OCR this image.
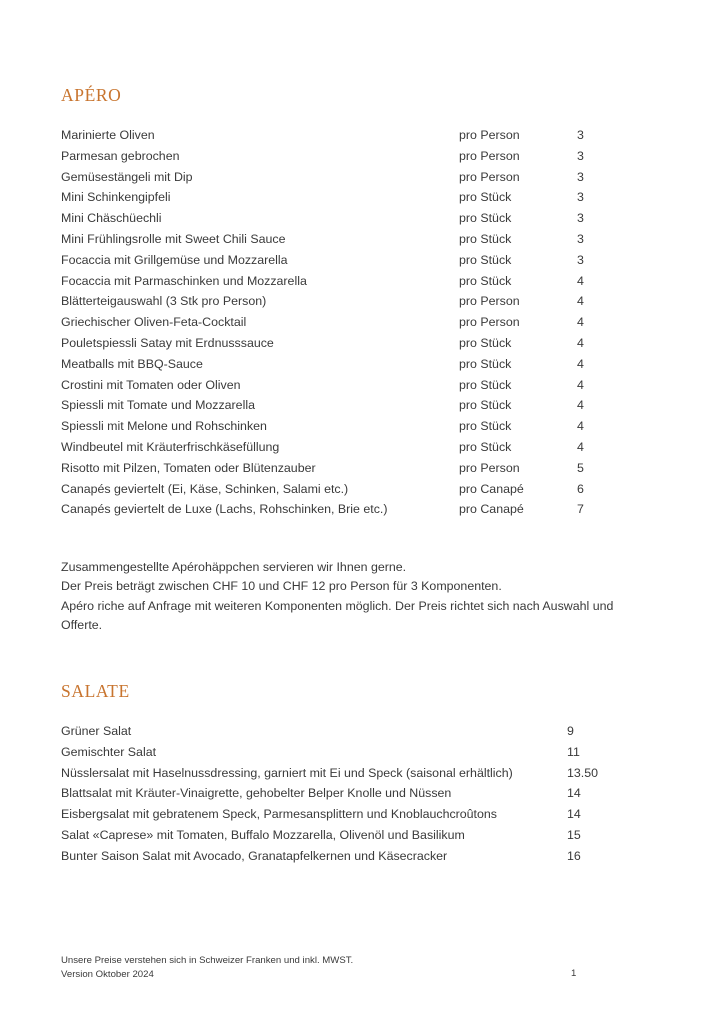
APÉRO
Marinierte Oliven	pro Person	3
Parmesan gebrochen	pro Person	3
Gemüsestängeli mit Dip	pro Person	3
Mini Schinkengipfeli	pro Stück	3
Mini Chäschüechli	pro Stück	3
Mini Frühlingsrolle mit Sweet Chili Sauce	pro Stück	3
Focaccia mit Grillgemüse und Mozzarella	pro Stück	3
Focaccia mit Parmaschinken und Mozzarella	pro Stück	4
Blätterteigauswahl (3 Stk pro Person)	pro Person	4
Griechischer Oliven-Feta-Cocktail	pro Person	4
Pouletspiessli Satay mit Erdnusssauce	pro Stück	4
Meatballs mit BBQ-Sauce	pro Stück	4
Crostini mit Tomaten oder Oliven	pro Stück	4
Spiessli mit Tomate und Mozzarella	pro Stück	4
Spiessli mit Melone und Rohschinken	pro Stück	4
Windbeutel mit Kräuterfrischkäsefüllung	pro Stück	4
Risotto mit Pilzen, Tomaten oder Blütenzauber	pro Person	5
Canapés geviertelt (Ei, Käse, Schinken, Salami etc.)	pro Canapé	6
Canapés geviertelt de Luxe (Lachs, Rohschinken, Brie etc.)	pro Canapé	7
Zusammengestellte Apérohäppchen servieren wir Ihnen gerne.
Der Preis beträgt zwischen CHF 10 und CHF 12 pro Person für 3 Komponenten.
Apéro riche auf Anfrage mit weiteren Komponenten möglich. Der Preis richtet sich nach Auswahl und Offerte.
SALATE
Grüner Salat	9
Gemischter Salat	11
Nüsslersalat mit Haselnussdressing, garniert mit Ei und Speck (saisonal erhältlich)	13.50
Blattsalat mit Kräuter-Vinaigrette, gehobelter Belper Knolle und Nüssen	14
Eisbergsalat mit gebratenem Speck, Parmesansplittern und Knoblauchcroûtons	14
Salat «Caprese» mit Tomaten, Buffalo Mozzarella, Olivenöl und Basilikum	15
Bunter Saison Salat mit Avocado, Granatapfelkernen und Käsecracker	16
Unsere Preise verstehen sich in Schweizer Franken und inkl. MWST.
Version Oktober 2024	1
